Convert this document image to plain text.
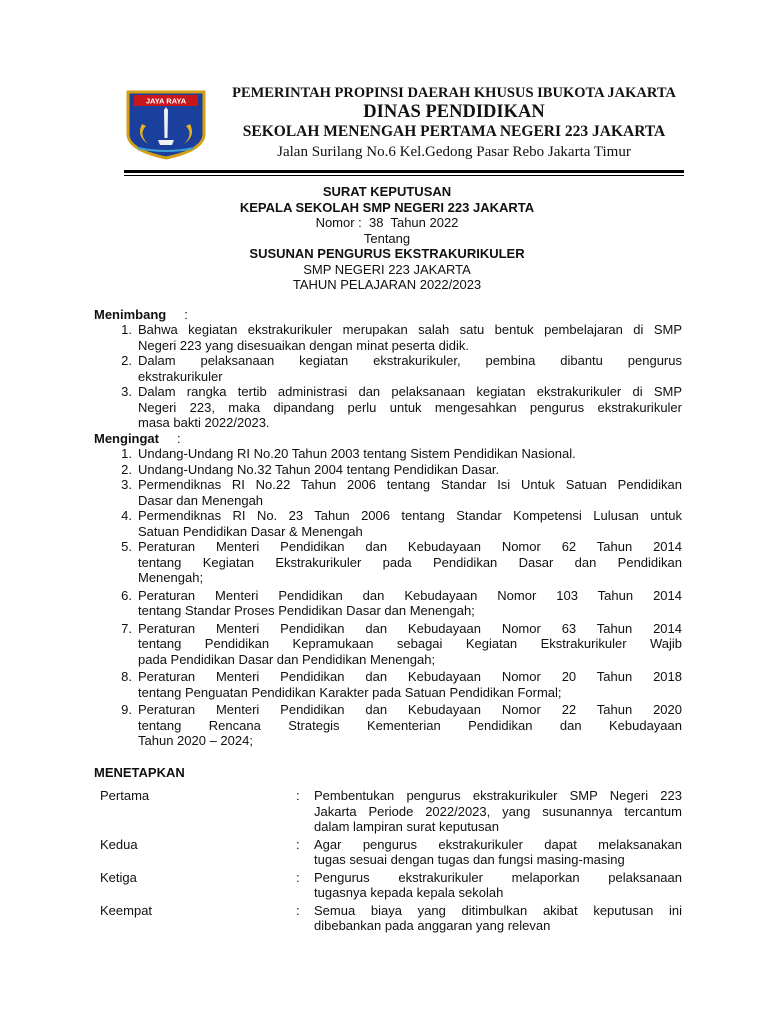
JAYA RAYA	PEMERINTAH PROPINSI DAERAH KHUSUS IBUKOTA JAKARTA
DINAS PENDIDIKAN
SEKOLAH MENENGAH PERTAMA NEGERI 223 JAKARTA
Jalan Surilang No.6 Kel.Gedong Pasar Rebo Jakarta Timur
SURAT KEPUTUSAN
KEPALA SEKOLAH SMP NEGERI 223 JAKARTA
Nomor :  38  Tahun 2022
Tentang
SUSUNAN PENGURUS EKSTRAKURIKULER
SMP NEGERI 223 JAKARTA
TAHUN PELAJARAN 2022/2023
Menimbang :
1. Bahwa kegiatan ekstrakurikuler merupakan salah satu bentuk pembelajaran di SMP
Negeri 223 yang disesuaikan dengan minat peserta didik.
2. Dalam pelaksanaan kegiatan ekstrakurikuler, pembina dibantu pengurus
ekstrakurikuler
3. Dalam rangka tertib administrasi dan pelaksanaan kegiatan ekstrakurikuler di SMP
Negeri 223, maka dipandang perlu untuk mengesahkan pengurus ekstrakurikuler
masa bakti 2022/2023.
Mengingat :
1. Undang-Undang RI No.20 Tahun 2003 tentang Sistem Pendidikan Nasional.
2. Undang-Undang No.32 Tahun 2004 tentang Pendidikan Dasar.
3. Permendiknas RI No.22 Tahun 2006 tentang Standar Isi Untuk Satuan Pendidikan
Dasar dan Menengah
4. Permendiknas RI No. 23 Tahun 2006 tentang Standar Kompetensi Lulusan untuk
Satuan Pendidikan Dasar & Menengah
5. Peraturan Menteri Pendidikan dan Kebudayaan Nomor 62 Tahun 2014
tentang Kegiatan Ekstrakurikuler pada Pendidikan Dasar dan Pendidikan
Menengah;
6. Peraturan Menteri Pendidikan dan Kebudayaan Nomor 103 Tahun 2014
tentang Standar Proses Pendidikan Dasar dan Menengah;
7. Peraturan Menteri Pendidikan dan Kebudayaan Nomor 63 Tahun 2014
tentang Pendidikan Kepramukaan sebagai Kegiatan Ekstrakurikuler Wajib
pada Pendidikan Dasar dan Pendidikan Menengah;
8. Peraturan Menteri Pendidikan dan Kebudayaan Nomor 20 Tahun 2018
tentang Penguatan Pendidikan Karakter pada Satuan Pendidikan Formal;
9. Peraturan Menteri Pendidikan dan Kebudayaan Nomor 22 Tahun 2020
tentang Rencana Strategis Kementerian Pendidikan dan Kebudayaan
Tahun 2020 – 2024;
MENETAPKAN
Pertama	:	Pembentukan pengurus ekstrakurikuler SMP Negeri 223
Jakarta Periode 2022/2023, yang susunannya tercantum
dalam lampiran surat keputusan
Kedua	:	Agar pengurus ekstrakurikuler dapat melaksanakan
tugas sesuai dengan tugas dan fungsi masing-masing
Ketiga	:	Pengurus ekstrakurikuler melaporkan pelaksanaan
tugasnya kepada kepala sekolah
Keempat	:	Semua biaya yang ditimbulkan akibat keputusan ini
dibebankan pada anggaran yang relevan
